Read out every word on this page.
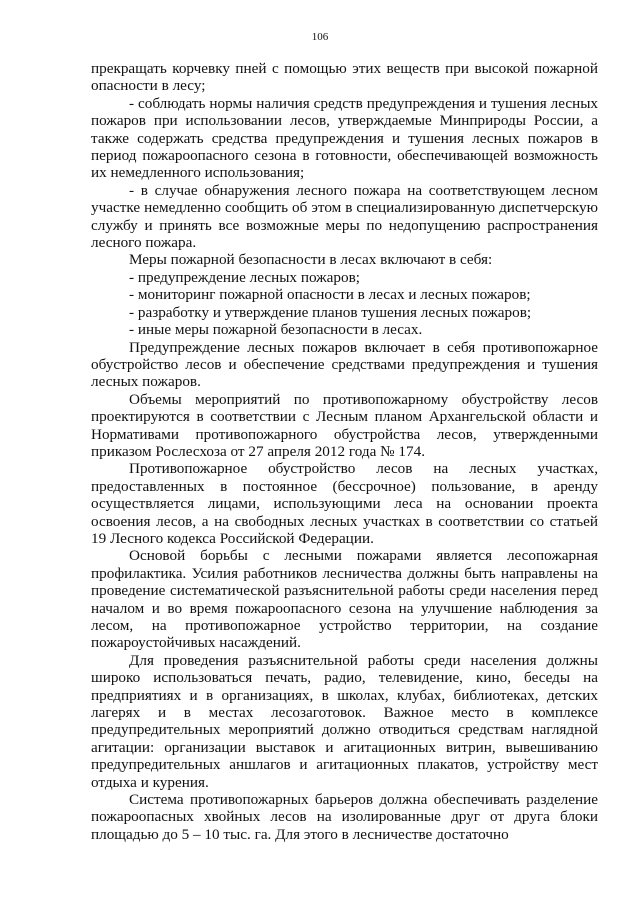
106

прекращать корчевку пней с помощью этих веществ при высокой пожарной опасности в лесу;

- соблюдать нормы наличия средств предупреждения и тушения лесных пожаров при использовании лесов, утверждаемые Минприроды России, а также содержать средства предупреждения и тушения лесных пожаров в период пожароопасного сезона в готовности, обеспечивающей возможность их немедленного использования;

- в случае обнаружения лесного пожара на соответствующем лесном участке немедленно сообщить об этом в специализированную диспетчерскую службу и принять все возможные меры по недопущению распространения лесного пожара.

Меры пожарной безопасности в лесах включают в себя:

- предупреждение лесных пожаров;

- мониторинг пожарной опасности в лесах и лесных пожаров;

- разработку и утверждение планов тушения лесных пожаров;

- иные меры пожарной безопасности в лесах.

Предупреждение лесных пожаров включает в себя противопожарное обустройство лесов и обеспечение средствами предупреждения и тушения лесных пожаров.

Объемы мероприятий по противопожарному обустройству лесов проектируются в соответствии с Лесным планом Архангельской области и Нормативами противопожарного обустройства лесов, утвержденными приказом Рослесхоза от 27 апреля 2012 года № 174.

Противопожарное обустройство лесов на лесных участках, предоставленных в постоянное (бессрочное) пользование, в аренду осуществляется лицами, использующими леса на основании проекта освоения лесов, а на свободных лесных участках в соответствии со статьей 19 Лесного кодекса Российской Федерации.

Основой борьбы с лесными пожарами является лесопожарная профилактика. Усилия работников лесничества должны быть направлены на проведение систематической разъяснительной работы среди населения перед началом и во время пожароопасного сезона на улучшение наблюдения за лесом, на противопожарное устройство территории, на создание пожароустойчивых насаждений.

Для проведения разъяснительной работы среди населения должны широко использоваться печать, радио, телевидение, кино, беседы на предприятиях и в организациях, в школах, клубах, библиотеках, детских лагерях и в местах лесозаготовок. Важное место в комплексе предупредительных мероприятий должно отводиться средствам наглядной агитации: организации выставок и агитационных витрин, вывешиванию предупредительных аншлагов и агитационных плакатов, устройству мест отдыха и курения.

Система противопожарных барьеров должна обеспечивать разделение пожароопасных хвойных лесов на изолированные друг от друга блоки площадью до 5 – 10 тыс. га. Для этого в лесничестве достаточно
